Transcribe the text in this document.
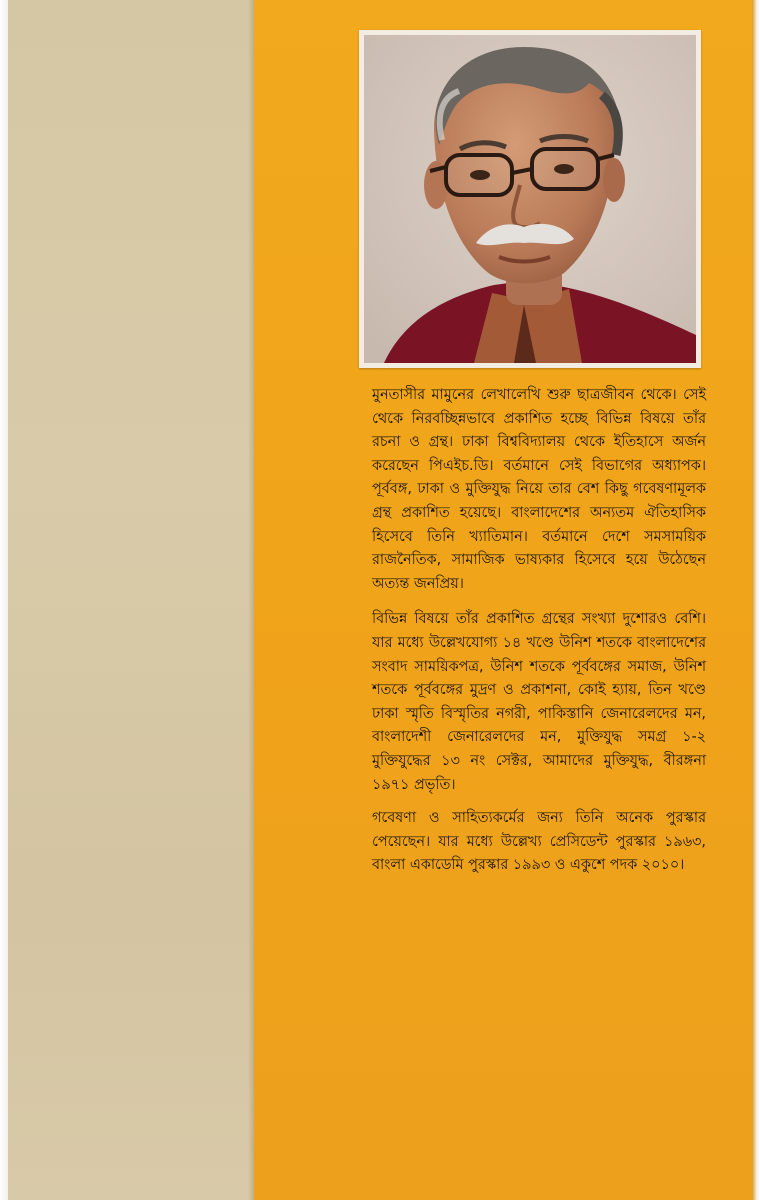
মুনতাসীর মামুনের লেখালেখি শুরু ছাত্রজীবন থেকে। সেই থেকে নিরবচ্ছিন্নভাবে প্রকাশিত হচ্ছে বিভিন্ন বিষয়ে তাঁর রচনা ও গ্রন্থ। ঢাকা বিশ্ববিদ্যালয় থেকে ইতিহাসে অর্জন করেছেন পিএইচ.ডি। বর্তমানে সেই বিভাগের অধ্যাপক। পূর্ববঙ্গ, ঢাকা ও মুক্তিযুদ্ধ নিয়ে তার বেশ কিছু গবেষণামূলক গ্রন্থ প্রকাশিত হয়েছে। বাংলাদেশের অন্যতম ঐতিহাসিক হিসেবে তিনি খ্যাতিমান। বর্তমানে দেশে সমসাময়িক রাজনৈতিক, সামাজিক ভাষ্যকার হিসেবে হয়ে উঠেছেন অত্যন্ত জনপ্রিয়।

বিভিন্ন বিষয়ে তাঁর প্রকাশিত গ্রন্থের সংখ্যা দুশোরও বেশি। যার মধ্যে উল্লেখযোগ্য ১৪ খণ্ডে উনিশ শতকে বাংলাদেশের সংবাদ সাময়িকপত্র, উনিশ শতকে পূর্ববঙ্গের সমাজ, উনিশ শতকে পূর্ববঙ্গের মুদ্রণ ও প্রকাশনা, কোই হ্যায়, তিন খণ্ডে ঢাকা স্মৃতি বিস্মৃতির নগরী, পাকিস্তানি জেনারেলদের মন, বাংলাদেশী জেনারেলদের মন, মুক্তিযুদ্ধ সমগ্র ১-২ মুক্তিযুদ্ধের ১৩ নং সেক্টর, আমাদের মুক্তিযুদ্ধ, বীরঙ্গনা ১৯৭১ প্রভৃতি।

গবেষণা ও সাহিত্যকর্মের জন্য তিনি অনেক পুরস্কার পেয়েছেন। যার মধ্যে উল্লেখ্য প্রেসিডেন্ট পুরস্কার ১৯৬৩, বাংলা একাডেমি পুরস্কার ১৯৯৩ ও একুশে পদক ২০১০।
